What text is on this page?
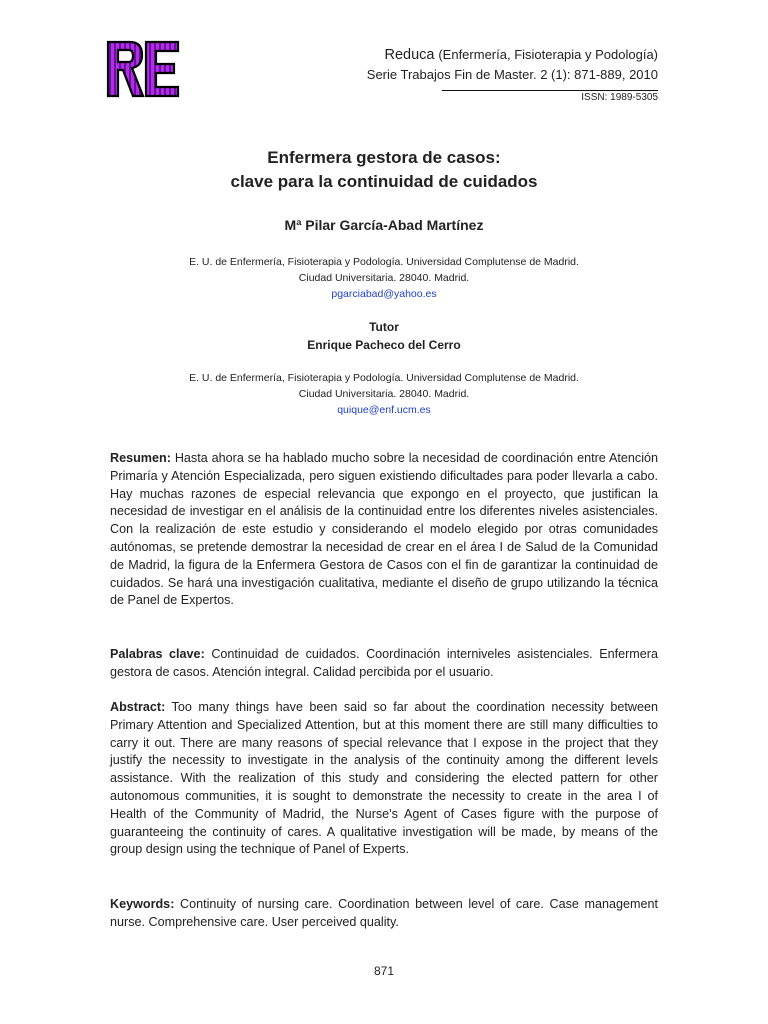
Reduca (Enfermería, Fisioterapia y Podología)
Serie Trabajos Fin de Master. 2 (1): 871-889, 2010
ISSN: 1989-5305
Enfermera gestora de casos:
clave para la continuidad de cuidados
Mª Pilar García-Abad Martínez
E. U. de Enfermería, Fisioterapia y Podología. Universidad Complutense de Madrid.
Ciudad Universitaria. 28040. Madrid.
pgarciabad@yahoo.es
Tutor
Enrique Pacheco del Cerro
E. U. de Enfermería, Fisioterapia y Podología. Universidad Complutense de Madrid.
Ciudad Universitaria. 28040. Madrid.
quique@enf.ucm.es
Resumen: Hasta ahora se ha hablado mucho sobre la necesidad de coordinación entre Atención Primaría y Atención Especializada, pero siguen existiendo dificultades para poder llevarla a cabo. Hay muchas razones de especial relevancia que expongo en el proyecto, que justifican la necesidad de investigar en el análisis de la continuidad entre los diferentes niveles asistenciales. Con la realización de este estudio y considerando el modelo elegido por otras comunidades autónomas, se pretende demostrar la necesidad de crear en el área I de Salud de la Comunidad de Madrid, la figura de la Enfermera Gestora de Casos con el fin de garantizar la continuidad de cuidados. Se hará una investigación cualitativa, mediante el diseño de grupo utilizando la técnica de Panel de Expertos.
Palabras clave: Continuidad de cuidados. Coordinación interniveles asistenciales. Enfermera gestora de casos. Atención integral. Calidad percibida por el usuario.
Abstract: Too many things have been said so far about the coordination necessity between Primary Attention and Specialized Attention, but at this moment there are still many difficulties to carry it out. There are many reasons of special relevance that I expose in the project that they justify the necessity to investigate in the analysis of the continuity among the different levels assistance. With the realization of this study and considering the elected pattern for other autonomous communities, it is sought to demonstrate the necessity to create in the area I of Health of the Community of Madrid, the Nurse's Agent of Cases figure with the purpose of guaranteeing the continuity of cares. A qualitative investigation will be made, by means of the group design using the technique of Panel of Experts.
Keywords: Continuity of nursing care. Coordination between level of care. Case management nurse. Comprehensive care. User perceived quality.
871
